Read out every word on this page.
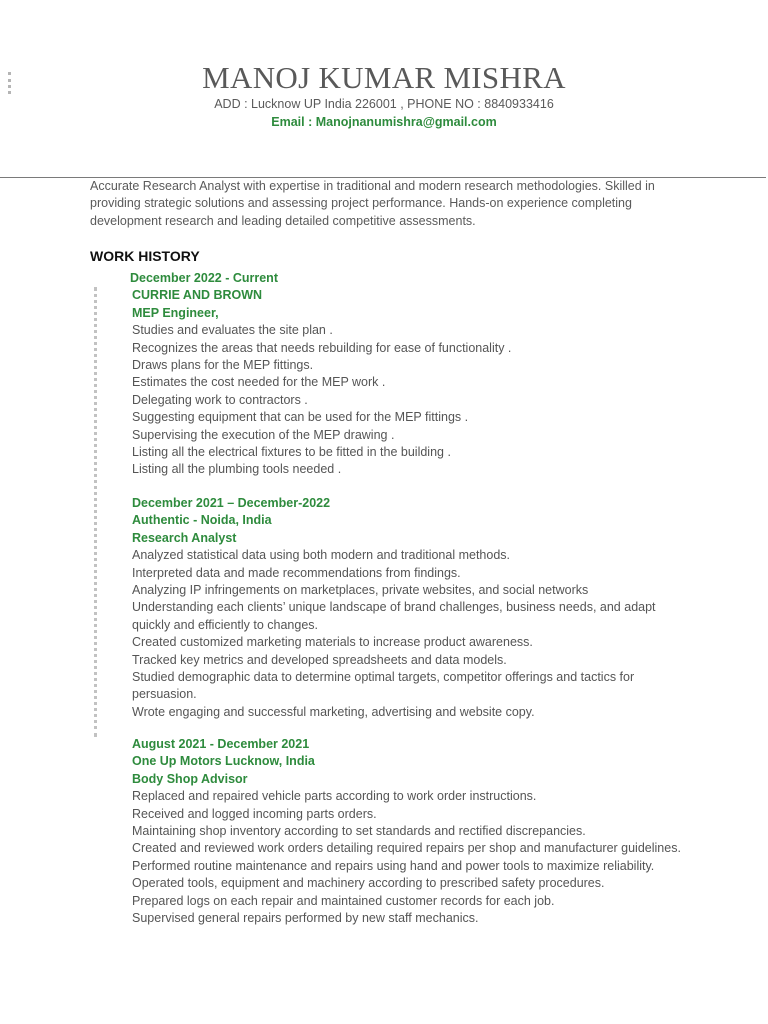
MANOJ KUMAR MISHRA
ADD : Lucknow UP India 226001 , PHONE NO : 8840933416
Email : Manojnanumishra@gmail.com
Accurate Research Analyst with expertise in traditional and modern research methodologies. Skilled in providing strategic solutions and assessing project performance. Hands-on experience completing development research and leading detailed competitive assessments.
WORK HISTORY
December 2022 - Current
CURRIE AND BROWN
MEP Engineer,
Studies and evaluates the site plan .
Recognizes the areas that needs rebuilding for ease of functionality .
Draws plans for the MEP fittings.
Estimates the cost needed for the MEP work .
Delegating work to contractors .
Suggesting equipment that can be used for the MEP fittings .
Supervising the execution of the MEP drawing .
Listing all the electrical fixtures to be fitted in the building .
Listing all the plumbing tools needed .
December 2021 – December-2022
Authentic - Noida, India
Research Analyst
Analyzed statistical data using both modern and traditional methods.
Interpreted data and made recommendations from findings.
Analyzing IP infringements on marketplaces, private websites, and social networks
Understanding each clients’ unique landscape of brand challenges, business needs, and adapt quickly and efficiently to changes.
Created customized marketing materials to increase product awareness.
Tracked key metrics and developed spreadsheets and data models.
Studied demographic data to determine optimal targets, competitor offerings and tactics for persuasion.
Wrote engaging and successful marketing, advertising and website copy.
August 2021 - December 2021
One Up Motors Lucknow, India
Body Shop Advisor
Replaced and repaired vehicle parts according to work order instructions.
Received and logged incoming parts orders.
Maintaining shop inventory according to set standards and rectified discrepancies.
Created and reviewed work orders detailing required repairs per shop and manufacturer guidelines.
Performed routine maintenance and repairs using hand and power tools to maximize reliability.
Operated tools, equipment and machinery according to prescribed safety procedures.
Prepared logs on each repair and maintained customer records for each job.
Supervised general repairs performed by new staff mechanics.
